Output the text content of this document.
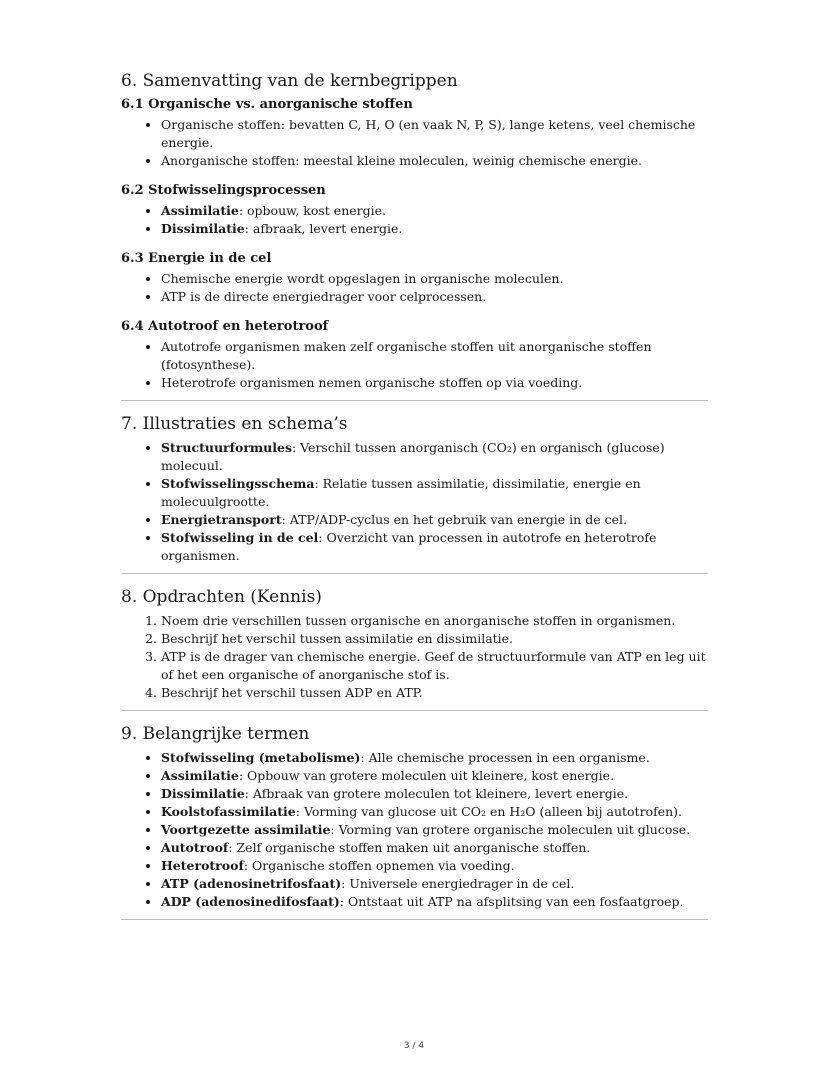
6. Samenvatting van de kernbegrippen
6.1 Organische vs. anorganische stoffen
• Organische stoffen: bevatten C, H, O (en vaak N, P, S), lange ketens, veel chemische energie.
• Anorganische stoffen: meestal kleine moleculen, weinig chemische energie.
6.2 Stofwisselingsprocessen
• Assimilatie: opbouw, kost energie.
• Dissimilatie: afbraak, levert energie.
6.3 Energie in de cel
• Chemische energie wordt opgeslagen in organische moleculen.
• ATP is de directe energiedrager voor celprocessen.
6.4 Autotroof en heterotroof
• Autotrofe organismen maken zelf organische stoffen uit anorganische stoffen (fotosynthese).
• Heterotrofe organismen nemen organische stoffen op via voeding.
7. Illustraties en schema’s
• Structuurformules: Verschil tussen anorganisch (CO₂) en organisch (glucose) molecuul.
• Stofwisselingsschema: Relatie tussen assimilatie, dissimilatie, energie en molecuulgrootte.
• Energietransport: ATP/ADP-cyclus en het gebruik van energie in de cel.
• Stofwisseling in de cel: Overzicht van processen in autotrofe en heterotrofe organismen.
8. Opdrachten (Kennis)
1. Noem drie verschillen tussen organische en anorganische stoffen in organismen.
2. Beschrijf het verschil tussen assimilatie en dissimilatie.
3. ATP is de drager van chemische energie. Geef de structuurformule van ATP en leg uit of het een organische of anorganische stof is.
4. Beschrijf het verschil tussen ADP en ATP.
9. Belangrijke termen
• Stofwisseling (metabolisme): Alle chemische processen in een organisme.
• Assimilatie: Opbouw van grotere moleculen uit kleinere, kost energie.
• Dissimilatie: Afbraak van grotere moleculen tot kleinere, levert energie.
• Koolstofassimilatie: Vorming van glucose uit CO₂ en H₂O (alleen bij autotrofen).
• Voortgezette assimilatie: Vorming van grotere organische moleculen uit glucose.
• Autotroof: Zelf organische stoffen maken uit anorganische stoffen.
• Heterotroof: Organische stoffen opnemen via voeding.
• ATP (adenosinetrifosfaat): Universele energiedrager in de cel.
• ADP (adenosinedifosfaat): Ontstaat uit ATP na afsplitsing van een fosfaatgroep.
3 / 4
